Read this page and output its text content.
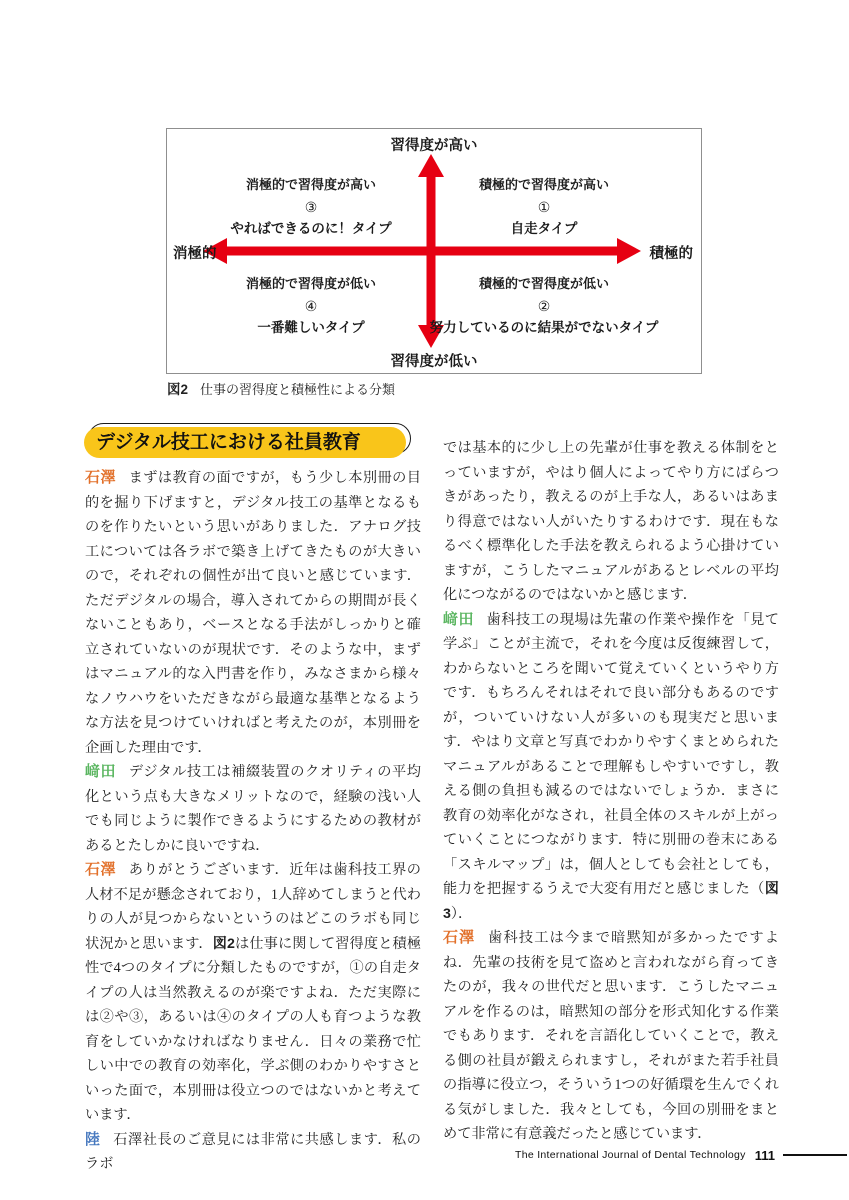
習得度が高い
習得度が低い
消極的	積極的
消極的で習得度が高い
③
やればできるのに！タイプ
積極的で習得度が高い
①
自走タイプ
消極的で習得度が低い
④
一番難しいタイプ
積極的で習得度が低い
②
努力しているのに結果がでないタイプ
図2 仕事の習得度と積極性による分類
デジタル技工における社員教育

石澤 まずは教育の面ですが，もう少し本別冊の目的を掘り下げますと，デジタル技工の基準となるものを作りたいという思いがありました．アナログ技工については各ラボで築き上げてきたものが大きいので，それぞれの個性が出て良いと感じています．ただデジタルの場合，導入されてからの期間が長くないこともあり，ベースとなる手法がしっかりと確立されていないのが現状です．そのような中，まずはマニュアル的な入門書を作り，みなさまから様々なノウハウをいただきながら最適な基準となるような方法を見つけていければと考えたのが，本別冊を企画した理由です．

﨑田 デジタル技工は補綴装置のクオリティの平均化という点も大きなメリットなので，経験の浅い人でも同じように製作できるようにするための教材があるとたしかに良いですね．

石澤 ありがとうございます．近年は歯科技工界の人材不足が懸念されており，1人辞めてしまうと代わりの人が見つからないというのはどこのラボも同じ状況かと思います．図2は仕事に関して習得度と積極性で4つのタイプに分類したものですが，①の自走タイプの人は当然教えるのが楽ですよね．ただ実際には②や③，あるいは④のタイプの人も育つような教育をしていかなければなりません．日々の業務で忙しい中での教育の効率化，学ぶ側のわかりやすさといった面で，本別冊は役立つのではないかと考えています．

陸 石澤社長のご意見には非常に共感します．私のラボ

では基本的に少し上の先輩が仕事を教える体制をとっていますが，やはり個人によってやり方にばらつきがあったり，教えるのが上手な人，あるいはあまり得意ではない人がいたりするわけです．現在もなるべく標準化した手法を教えられるよう心掛けていますが，こうしたマニュアルがあるとレベルの平均化につながるのではないかと感じます．

﨑田 歯科技工の現場は先輩の作業や操作を「見て学ぶ」ことが主流で，それを今度は反復練習して，わからないところを聞いて覚えていくというやり方です．もちろんそれはそれで良い部分もあるのですが，ついていけない人が多いのも現実だと思います．やはり文章と写真でわかりやすくまとめられたマニュアルがあることで理解もしやすいですし，教える側の負担も減るのではないでしょうか．まさに教育の効率化がなされ，社員全体のスキルが上がっていくことにつながります．特に別冊の巻末にある「スキルマップ」は，個人としても会社としても，能力を把握するうえで大変有用だと感じました（図3）．

石澤 歯科技工は今まで暗黙知が多かったですよね．先輩の技術を見て盗めと言われながら育ってきたのが，我々の世代だと思います．こうしたマニュアルを作るのは，暗黙知の部分を形式知化する作業でもあります．それを言語化していくことで，教える側の社員が鍛えられますし，それがまた若手社員の指導に役立つ，そういう1つの好循環を生んでくれる気がしました．我々としても，今回の別冊をまとめて非常に有意義だったと感じています．

The International Journal of Dental Technology 111
